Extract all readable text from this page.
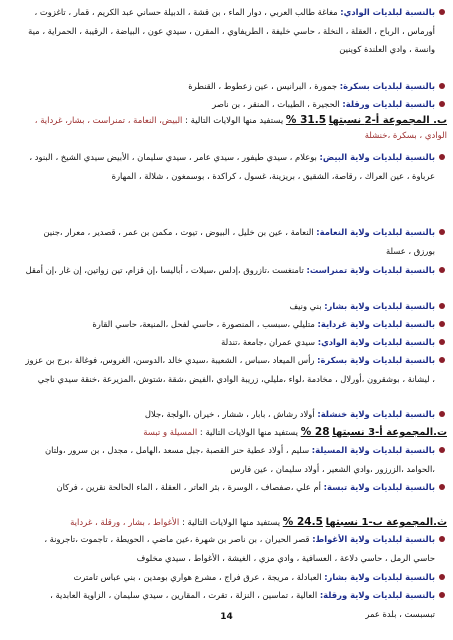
بالنسبة لبلديات الوادي: مغاغة طالب العربي ، دوار الماء ، بن قشة ، الدبيلة حساني عبد الكريم ، قمار ، تاغزوت ، أورماس ، الرباح ، العقلة ، النخلة ، حاسي خليفة ، الطريفاوي ، المقرن ، سيدي عون ، البياضة ، الرقيبة ، الحمراية ، مية وانسة ، وادي العلندة كوينين
بالنسبة لبلديات بسكرة: جمورة ، البرانيس ، عين زعطوط ، القنطرة
بالنسبة لبلديات ورقلة: الحجيرة ، الطيبات ، المنقر ، بن ناصر
ب. المجموعة أ-2 نسبتها 31.5 % يستفيد منها الولايات التالية : البيض، النعامة ، تمنراست ، بشار، غرداية ، الوادي ، بسكرة ،خنشلة
بالنسبة لبلديات ولاية البيض: بوعلام ، سيدي طيفور ، سيدي عامر ، سيدي سليمان ، الأبيض سيدي الشيخ ، البنود ، عرباوة ، عين العراك ، رقاصة، الشقيق ، بريزينة، غسول ، كراكدة ، بوسمغون ، شلالة ، المهارة
بالنسبة لبلديات ولاية النعامة: النعامة ، عين بن خليل ، البيوض ، تيوت ، مكمن بن عمر ، قصدير ، معرار ،جنين بورزق ، عسلة
بالنسبة لبلديات ولاية تمنراست: تامنغست ،تازروق ،إدلس ،سيلات ، أباليسا ،إن قزام، تين زواتين، إن غار ،إن أمقل
بالنسبة لبلديات ولاية بشار: بني ونيف
بالنسبة لبلديات ولاية غرداية: متليلي ،سبسب ، المنصورة ، حاسي لفحل ،المنيعة، حاسي القارة
بالنسبة لبلديات ولاية الوادي: سيدي عمران ،جامعة ،تندلة
بالنسبة لبلديات ولاية بسكرة: رأس الميعاد ،سباس ، الشعيبة ،سيدي خالد ،الدوسن، الغروس، فوغالة ،برج بن عزوز ، ليشانة ، بوشقرون ،أورلال ، مخادمة ،لواء ،مليلي، زريبة الوادي ،الفيض ،شقة ،شتوش ،المزيرعة ،خنقة سيدي ناجي
بالنسبة لبلديات ولاية خنشلة: أولاد رشاش ، بابار ، ششار ، خيران ،الولجة ،جلال
ت.المجموعة أ-3 نسبتها 28 % يستفيد منها الولايات التالية : المسيلة و تبسة
بالنسبة لبلديات ولاية المسيلة: سليم ، أولاد عطية حنر القصبة ،جبل مسعد ،الهامل ، مجدل ، بن سرور ،ولتان ،الحوامد ،الزرزور ،وادي الشعير ، أولاد سليمان ، عين فارس
بالنسبة لبلديات ولاية تبسة: أم علي ،صفصاف ، الوسرة ، بئر العاتر ، العقلة ، الماء الحالحة نقرين ، فركان
ث.المجموعة ب-1 نسبتها 24.5 % يستفيد منها الولايات التالية : الأغواط ، بشار ، ورقلة ، غرداية
بالنسبة لبلديات ولاية الأغواط: قصر الحيران ، بن ناصر بن شهرة ،عين ماضي ، الحويطة ، تاجموت ،تاجرونة ، حاسي الرمل ، حاسي دلاعة ، العسافية ، وادي مزي ، الغيشة ، الأغواط ، سيدي مخلوف
بالنسبة لبلديات ولاية بشار: العبادلة ، مريجة ، عرق فراج ، مشرع هواري بومدين ، بني عباس تامترت
بالنسبة لبلديات ولاية ورقلة: العالية ، تماسين ، النزلة ، تقرت ، المقارين ، سيدي سليمان ، الزاوية العابدية ، تبسبست ، بلدة عمر
14
